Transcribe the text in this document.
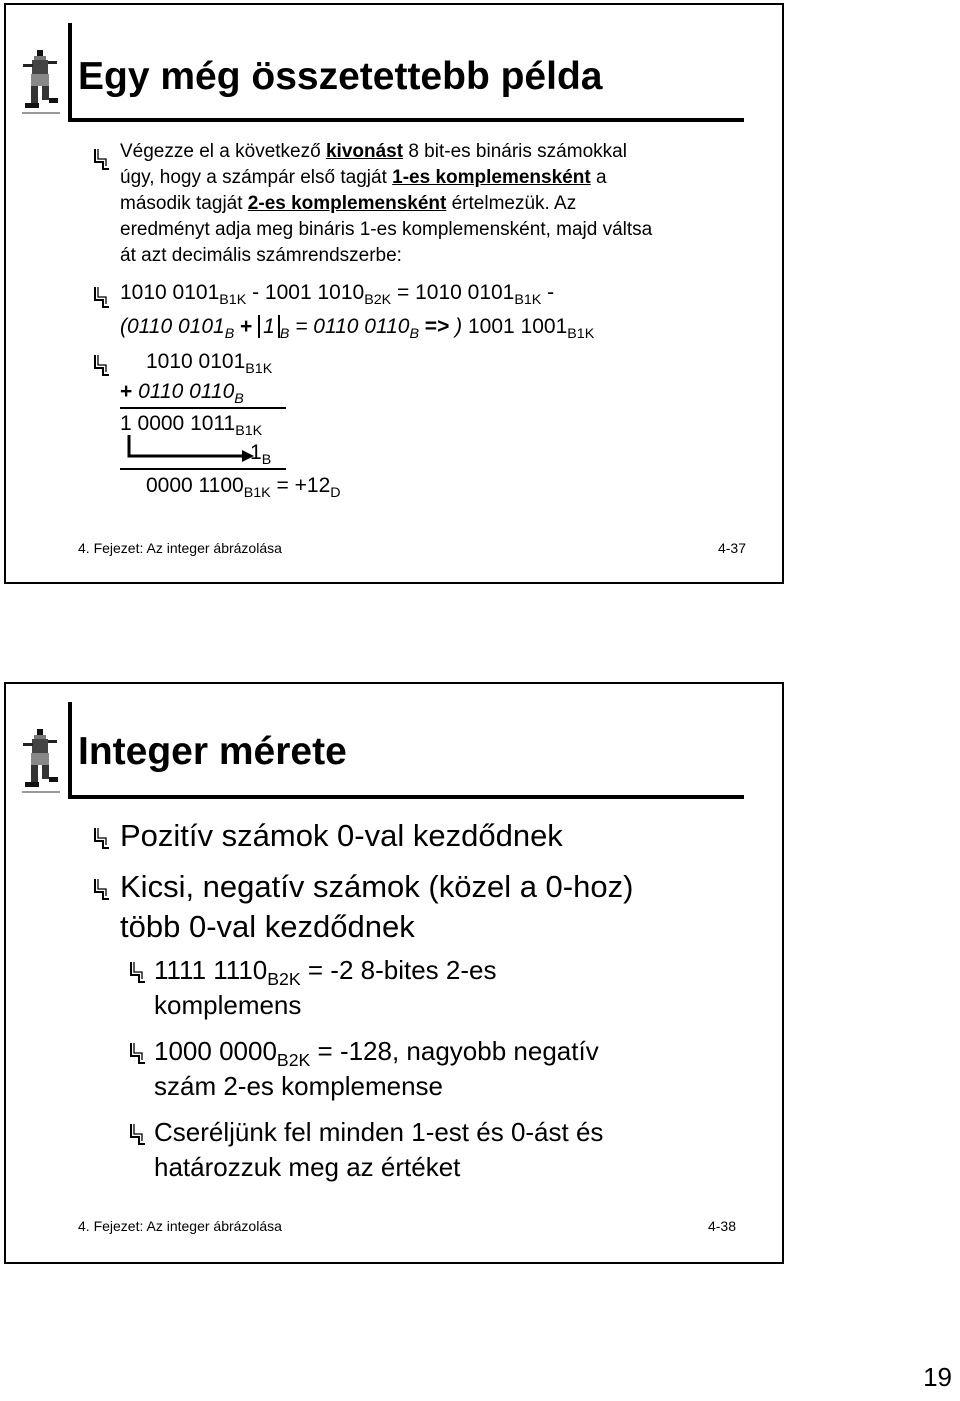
Egy még összetettebb példa
Végezze el a következő kivonást 8 bit-es bináris számokkal
úgy, hogy a számpár első tagját 1-es komplemensként a
második tagját 2-es komplemensként értelmezük. Az
eredményt adja meg bináris 1-es komplemensként, majd váltsa
át azt decimális számrendszerbe:
1010 $0101_{B1K} - 1001$ $1010_{B2K} = 1010$ $0101_{B1K}$ -
(0110 $0101_B + 1$ $_B$ = 0110 $0110_B$ => ) 1001 $1001_{B1K}$
1010 $0101_{B1K}$
+ 0110 $0110_B$
1 0000 $1011_{B1K}$
$1_B$
0000 $1100_{B1K} = +12_D$
4. Fejezet: Az integer ábrázolása	4-37
Integer mérete
Pozitív számok 0-val kezdődnek
Kicsi, negatív számok (közel a 0-hoz)
több 0-val kezdődnek
1111 $1110_{B2K} = -2$ 8-bites 2-es
komplemens
1000 $0000_{B2K} = -128$, nagyobb negatív
szám 2-es komplemense
Cseréljünk fel minden 1-est és 0-ást és
határozzuk meg az értéket
4. Fejezet: Az integer ábrázolása	4-38
19
